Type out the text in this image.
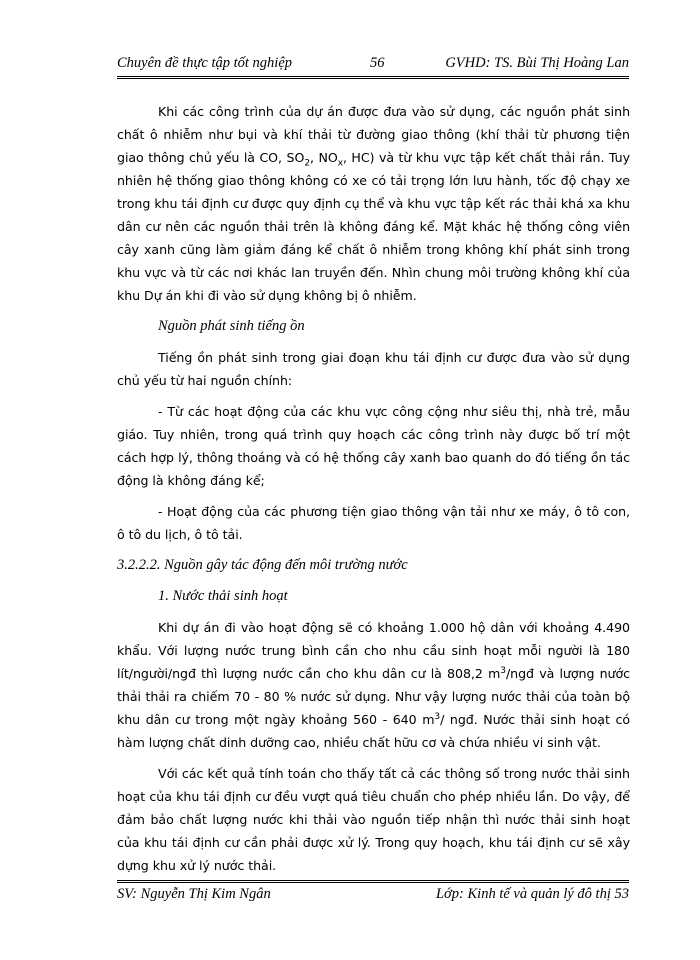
Chuyên đề thực tập tốt nghiệp	56	GVHD: TS. Bùi Thị Hoàng Lan

Khi các công trình của dự án được đưa vào sử dụng, các nguồn phát sinh chất ô nhiễm như bụi và khí thải từ đường giao thông (khí thải từ phương tiện giao thông chủ yếu là CO, $SO_2$, $NO_x$, HC) và từ khu vực tập kết chất thải rắn. Tuy nhiên hệ thống giao thông không có xe có tải trọng lớn lưu hành, tốc độ chạy xe trong khu tái định cư được quy định cụ thể và khu vực tập kết rác thải khá xa khu dân cư nên các nguồn thải trên là không đáng kể. Mặt khác hệ thống công viên cây xanh cũng làm giảm đáng kể chất ô nhiễm trong không khí phát sinh trong khu vực và từ các nơi khác lan truyền đến. Nhìn chung môi trường không khí của khu Dự án khi đi vào sử dụng không bị ô nhiễm.

Nguồn phát sinh tiếng ồn

Tiếng ồn phát sinh trong giai đoạn khu tái định cư được đưa vào sử dụng chủ yếu từ hai nguồn chính:

- Từ các hoạt động của các khu vực công cộng như siêu thị, nhà trẻ, mẫu giáo. Tuy nhiên, trong quá trình quy hoạch các công trình này được bố trí một cách hợp lý, thông thoáng và có hệ thống cây xanh bao quanh do đó tiếng ồn tác động là không đáng kể;

- Hoạt động của các phương tiện giao thông vận tải như xe máy, ô tô con, ô tô du lịch, ô tô tải.

3.2.2.2. Nguồn gây tác động đến môi trường nước

1. Nước thải sinh hoạt

Khi dự án đi vào hoạt động sẽ có khoảng 1.000 hộ dân với khoảng 4.490 khẩu. Với lượng nước trung bình cần cho nhu cầu sinh hoạt mỗi người là 180 lít/người/ngđ thì lượng nước cần cho khu dân cư là 808,2 $m^3$/ngđ và lượng nước thải thải ra chiếm 70 - 80 % nước sử dụng. Như vậy lượng nước thải của toàn bộ khu dân cư trong một ngày khoảng 560 - 640 $m^3/$ ngđ. Nước thải sinh hoạt có hàm lượng chất dinh dưỡng cao, nhiều chất hữu cơ và chứa nhiều vi sinh vật.

Với các kết quả tính toán cho thấy tất cả các thông số trong nước thải sinh hoạt của khu tái định cư đều vượt quá tiêu chuẩn cho phép nhiều lần. Do vậy, để đảm bảo chất lượng nước khi thải vào nguồn tiếp nhận thì nước thải sinh hoạt của khu tái định cư cần phải được xử lý. Trong quy hoạch, khu tái định cư sẽ xây dựng khu xử lý nước thải.

SV: Nguyễn Thị Kim Ngân	Lớp: Kinh tế và quản lý đô thị 53
